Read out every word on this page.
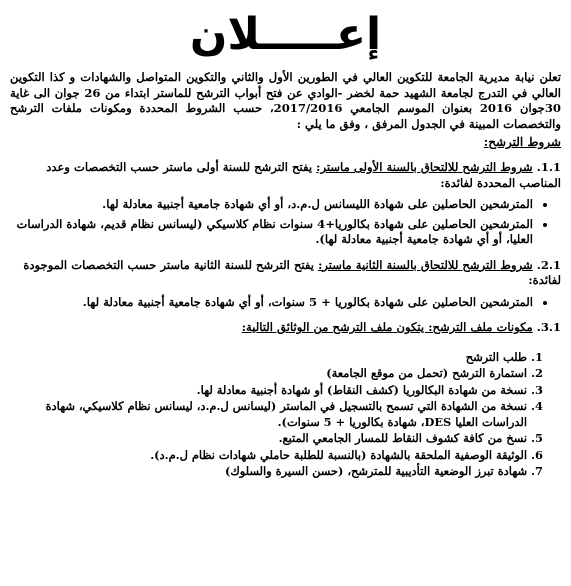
إعـــــلان

تعلن نيابة مديرية الجامعة للتكوين العالي في الطورين الأول والثاني والتكوين المتواصل والشهادات و كذا التكوين العالي في التدرج لجامعة الشهيد حمة لخضر -الوادي عن فتح أبواب الترشح للماستر ابتداء من 26 جوان الى غاية 30جوان 2016 بعنوان الموسم الجامعي 2017/2016، حسب الشروط المحددة ومكونات ملفات الترشح والتخصصات المبينة في الجدول المرفق ، وفق ما يلي :

شروط الترشح:
1.1. شروط الترشح للالتحاق بالسنة الأولى ماستر: يفتح الترشح للسنة أولى ماستر حسب التخصصات وعدد المناصب المحددة لفائدة:
• المترشحين الحاصلين على شهادة الليسانس ل.م.د، أو أي شهادة جامعية أجنبية معادلة لها.
• المترشحين الحاصلين على شهادة بكالوريا+4 سنوات نظام كلاسيكي (ليسانس نظام قديم، شهادة الدراسات العليا، أو أي شهادة جامعية أجنبية معادلة لها).
2.1. شروط الترشح للالتحاق بالسنة الثانية ماستر: يفتح الترشح للسنة الثانية ماستر حسب التخصصات الموجودة لفائدة:
• المترشحين الحاصلين على شهادة بكالوريا + 5 سنوات، أو أي شهادة جامعية أجنبية معادلة لها.
3.1. مكونات ملف الترشح: يتكون ملف الترشح من الوثائق التالية:
1. طلب الترشح
2. استمارة الترشح (تحمل من موقع الجامعة)
3. نسخة من شهادة البكالوريا (كشف النقاط) أو شهادة أجنبية معادلة لها.
4. نسخة من الشهادة التي تسمح بالتسجيل في الماستر (ليسانس ل.م.د، ليسانس نظام كلاسيكي، شهادة الدراسات العليا DES، شهادة بكالوريا + 5 سنوات).
5. نسخ من كافة كشوف النقاط للمسار الجامعي المتبع.
6. الوثيقة الوصفية الملحقة بالشهادة (بالنسبة للطلبة حاملي شهادات نظام ل.م.د).
7. شهادة تبرز الوضعية التأديبية للمترشح، (حسن السيرة والسلوك)
